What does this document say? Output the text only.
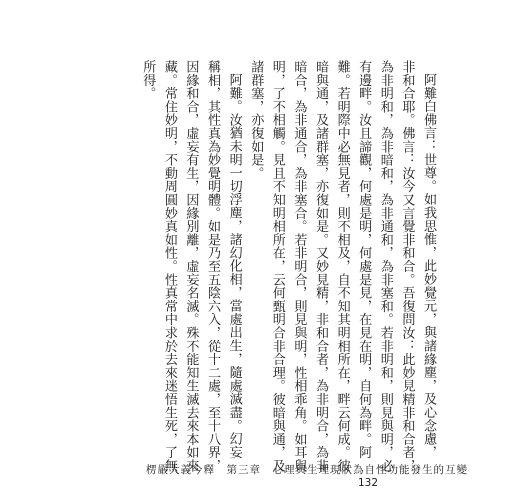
阿難白佛言：世尊。如我思惟，此妙覺元，與諸緣塵，及心念慮，
非和合耶。佛言：汝今又言覺非和合。吾復問汝：此妙見精非和合者，
為非明和，為非暗和，為非通和，為非塞和。若非明和，則見與明，必
有邊畔。汝且諦觀，何處是明，何處是見，在見在明，自何為畔。阿
難。若明際中必無見者，則不相及，自不知其明相所在，畔云何成。彼
暗與通，及諸群塞，亦復如是。又妙見精，非和合者，為非明合，為非
暗合，為非通合，為非塞合。若非明合，則見與明，性相乖角。如耳與
明，了不相觸。見且不知明相所在，云何甄明合非合理。彼暗與通，及
諸群塞，亦復如是。
阿難。汝猶未明一切浮塵，諸幻化相，當處出生，隨處滅盡。幻妄
稱相，其性真為妙覺明體。如是乃至五陰六入，從十二處，至十八界，
因緣和合，虛妄有生，因緣別離，虛妄名滅。殊不能知生滅去來本如來
藏。常住妙明，不動周圓妙真如性。性真常中求於去來迷悟生死，了無
所得。
楞嚴大義今釋　第三章　心理與生理現狀為自性功能發生的互變
132
